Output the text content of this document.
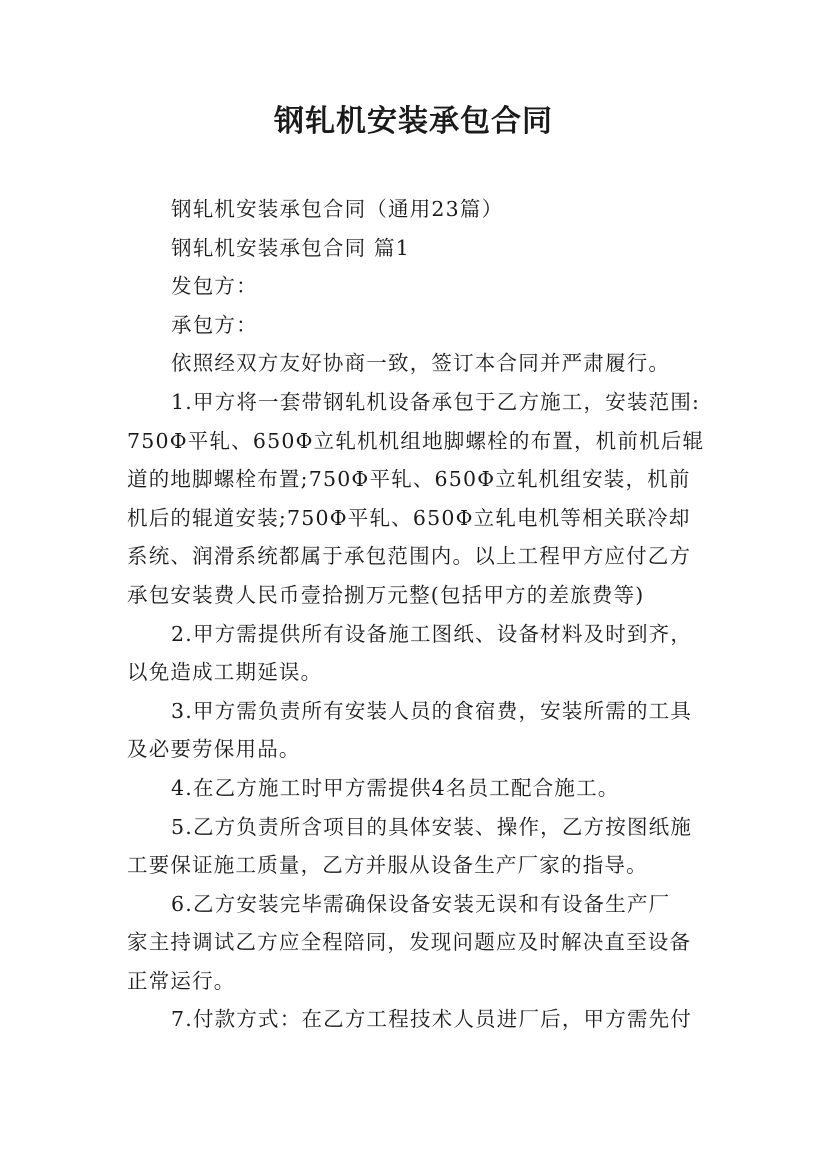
钢轧机安装承包合同

钢轧机安装承包合同（通用23篇）

钢轧机安装承包合同 篇1

发包方：

承包方：

依照经双方友好协商一致，签订本合同并严肃履行。

1.甲方将一套带钢轧机设备承包于乙方施工，安装范围:

750Φ平轧、650Φ立轧机机组地脚螺栓的布置，机前机后辊

道的地脚螺栓布置;750Φ平轧、650Φ立轧机组安装，机前

机后的辊道安装;750Φ平轧、650Φ立轧电机等相关联冷却

系统、润滑系统都属于承包范围内。以上工程甲方应付乙方

承包安装费人民币壹拾捌万元整(包括甲方的差旅费等)

2.甲方需提供所有设备施工图纸、设备材料及时到齐，

以免造成工期延误。

3.甲方需负责所有安装人员的食宿费，安装所需的工具

及必要劳保用品。

4.在乙方施工时甲方需提供4名员工配合施工。

5.乙方负责所含项目的具体安装、操作，乙方按图纸施

工要保证施工质量，乙方并服从设备生产厂家的指导。

6.乙方安装完毕需确保设备安装无误和有设备生产厂

家主持调试乙方应全程陪同，发现问题应及时解决直至设备

正常运行。

7.付款方式：在乙方工程技术人员进厂后，甲方需先付
